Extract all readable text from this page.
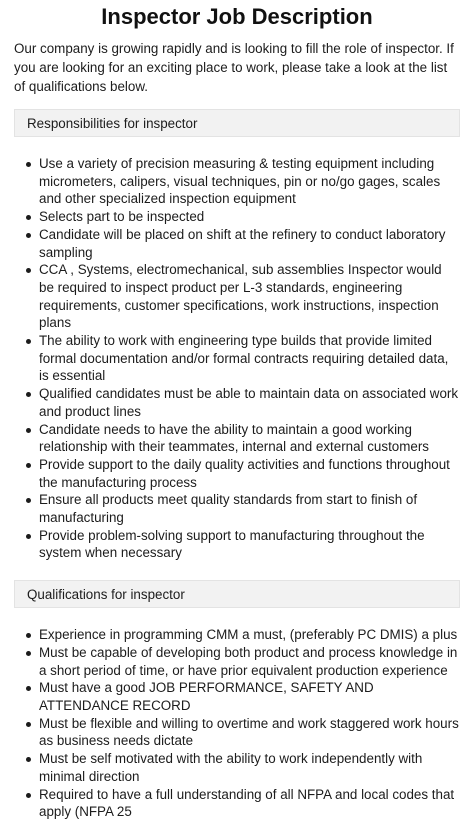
Inspector Job Description

Our company is growing rapidly and is looking to fill the role of inspector. If you are looking for an exciting place to work, please take a look at the list of qualifications below.

Responsibilities for inspector
Use a variety of precision measuring & testing equipment including micrometers, calipers, visual techniques, pin or no/go gages, scales and other specialized inspection equipment
Selects part to be inspected
Candidate will be placed on shift at the refinery to conduct laboratory sampling
CCA , Systems, electromechanical, sub assemblies Inspector would be required to inspect product per L-3 standards, engineering requirements, customer specifications, work instructions, inspection plans
The ability to work with engineering type builds that provide limited formal documentation and/or formal contracts requiring detailed data, is essential
Qualified candidates must be able to maintain data on associated work and product lines
Candidate needs to have the ability to maintain a good working relationship with their teammates, internal and external customers
Provide support to the daily quality activities and functions throughout the manufacturing process
Ensure all products meet quality standards from start to finish of manufacturing
Provide problem-solving support to manufacturing throughout the system when necessary
Qualifications for inspector
Experience in programming CMM a must, (preferably PC DMIS) a plus
Must be capable of developing both product and process knowledge in a short period of time, or have prior equivalent production experience
Must have a good JOB PERFORMANCE, SAFETY AND ATTENDANCE RECORD
Must be flexible and willing to overtime and work staggered work hours as business needs dictate
Must be self motivated with the ability to work independently with minimal direction
Required to have a full understanding of all NFPA and local codes that apply (NFPA 25
